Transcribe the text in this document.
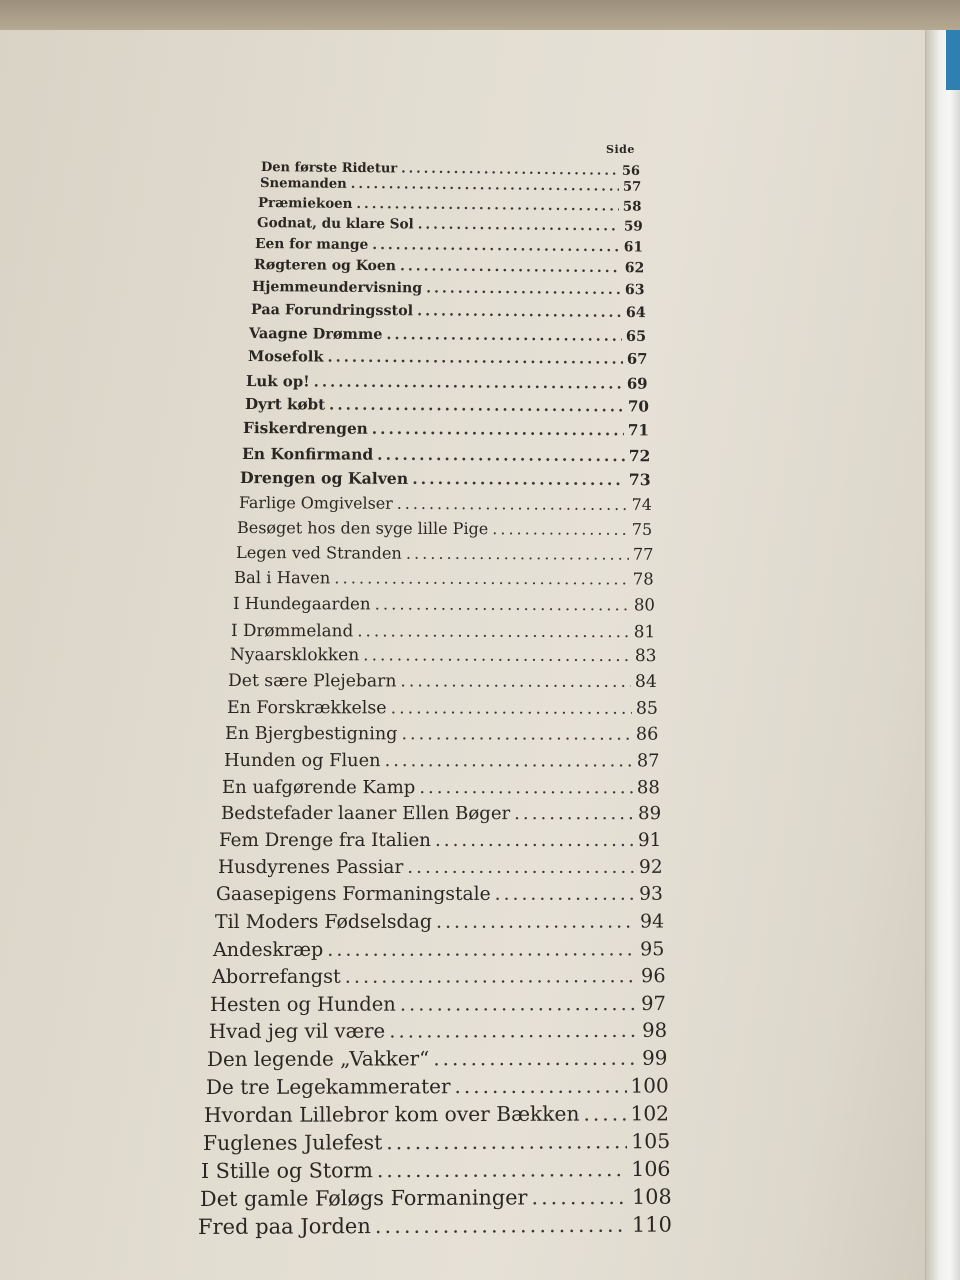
Side
Den første Ridetur .....	56
Snemanden .....	57
Præmiekoen .....	58
Godnat, du klare Sol .....	59
Een for mange .....	61
Røgteren og Koen .....	62
Hjemmeundervisning .....	63
Paa Forundringsstol .....	64
Vaagne Drømme .....	65
Mosefolk .....	67
Luk op! .....	69
Dyrt købt .....	70
Fiskerdrengen .....	71
En Konfirmand .....	72
Drengen og Kalven .....	73
Farlige Omgivelser .....	74
Besøget hos den syge lille Pige .....	75
Legen ved Stranden .....	77
Bal i Haven .....	78
I Hundegaarden .....	80
I Drømmeland .....	81
Nyaarsklokken .....	83
Det sære Plejebarn .....	84
En Forskrækkelse .....	85
En Bjergbestigning .....	86
Hunden og Fluen .....	87
En uafgørende Kamp .....	88
Bedstefader laaner Ellen Bøger .....	89
Fem Drenge fra Italien .....	91
Husdyrenes Passiar .....	92
Gaasepigens Formaningstale .....	93
Til Moders Fødselsdag .....	94
Andeskræp .....	95
Aborrefangst .....	96
Hesten og Hunden .....	97
Hvad jeg vil være .....	98
Den legende „Vakker“ .....	99
De tre Legekammerater .....	100
Hvordan Lillebror kom over Bækken .....	102
Fuglenes Julefest .....	105
I Stille og Storm .....	106
Det gamle Føløgs Formaninger .....	108
Fred paa Jorden .....	110
